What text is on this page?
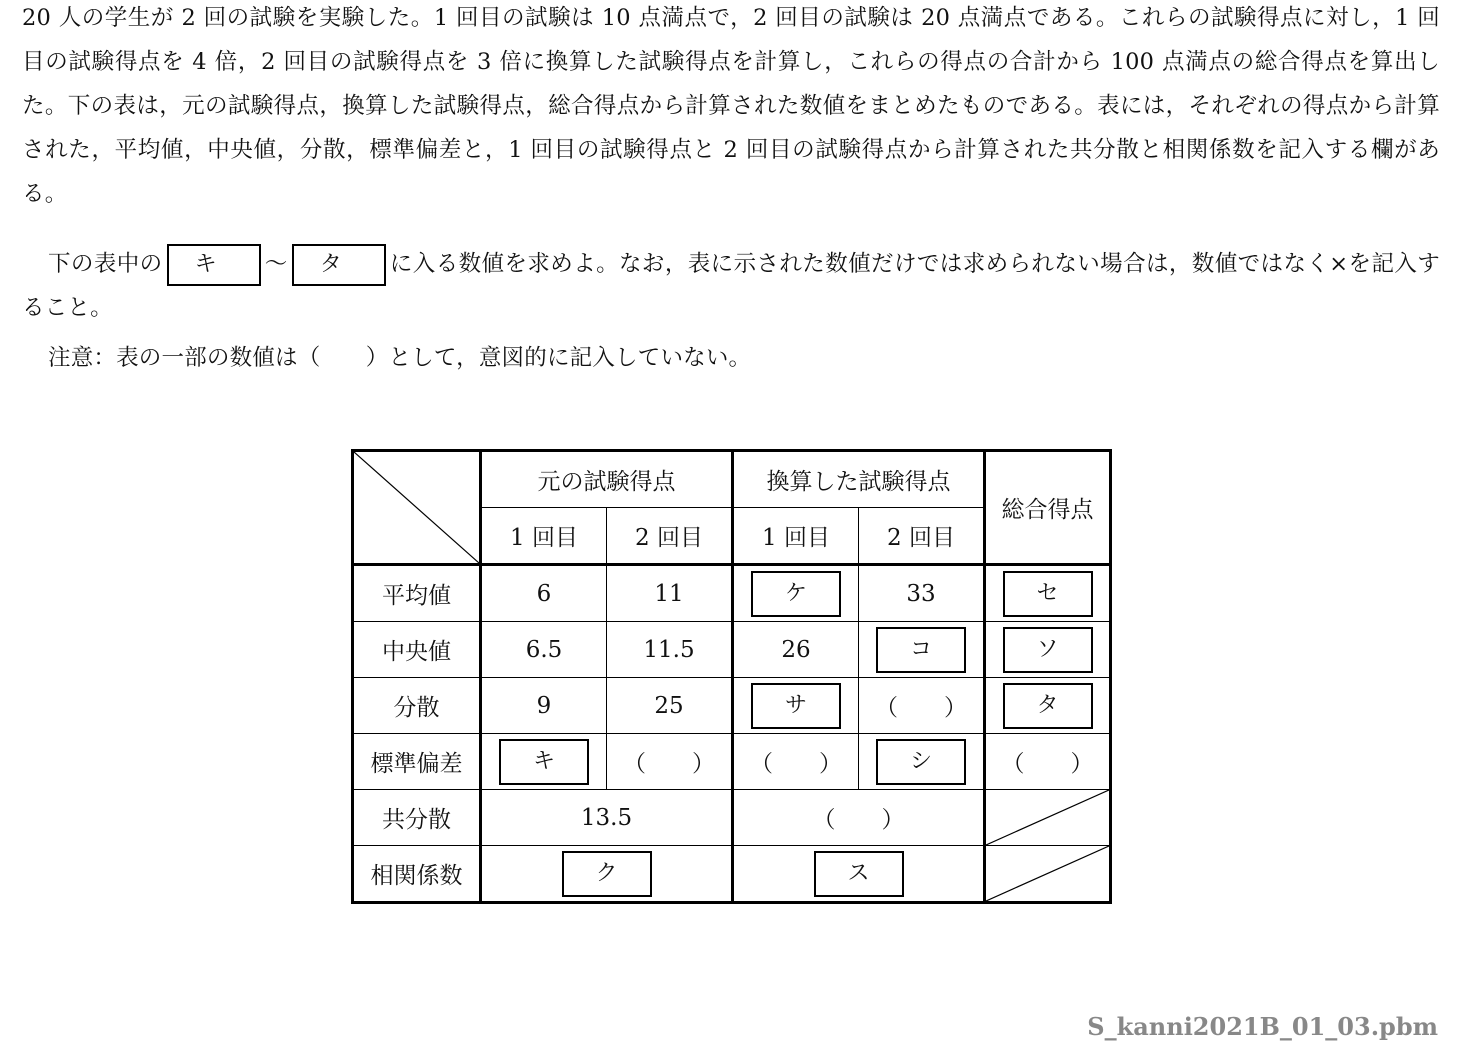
20 人の学生が 2 回の試験を実験した。1 回目の試験は 10 点満点で，2 回目の試験は 20 点満点である。これらの試験得点に対し，1 回目の試験得点を 4 倍，2 回目の試験得点を 3 倍に換算した試験得点を計算し，これらの得点の合計から 100 点満点の総合得点を算出した。下の表は，元の試験得点，換算した試験得点，総合得点から計算された数値をまとめたものである。表には，それぞれの得点から計算された，平均値，中央値，分散，標準偏差と，1 回目の試験得点と 2 回目の試験得点から計算された共分散と相関係数を記入する欄がある。
下の表中の キ ～ タ に入る数値を求めよ。なお，表に示された数値だけでは求められない場合は，数値ではなく×を記入すること。
注意：表の一部の数値は（　　）として，意図的に記入していない。
	元の試験得点		換算した試験得点		総合得点
	1 回目	2 回目	1 回目	2 回目	
平均値	6	11	ケ	33	セ
中央値	6.5	11.5	26	コ	ソ
分散	9	25	サ	（　　）	タ
標準偏差	キ	（　　）	（　　）	シ	（　　）
共分散	13.5		（　　）	

相関係数	ク		ス	
S_kanni2021B_01_03.pbm
